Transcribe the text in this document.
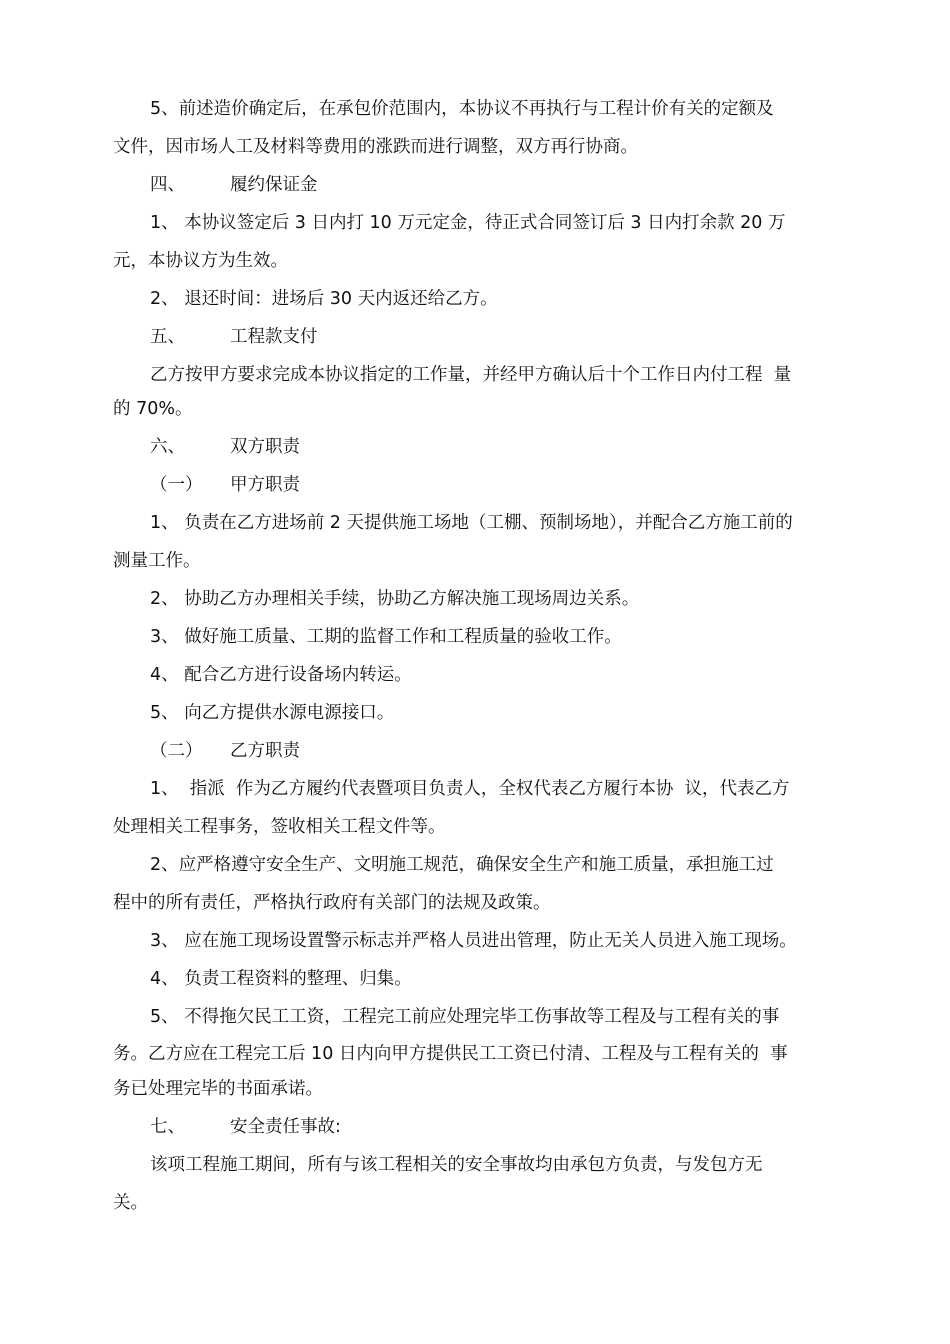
5、前述造价确定后，在承包价范围内，本协议不再执行与工程计价有关的定额及
文件，因市场人工及材料等费用的涨跌而进行调整，双方再行协商。
四、	履约保证金
1、 本协议签定后 3 日内打 10 万元定金，待正式合同签订后 3 日内打余款 20 万
元，本协议方为生效。
2、 退还时间：进场后 30 天内返还给乙方。
五、	工程款支付
乙方按甲方要求完成本协议指定的工作量，并经甲方确认后十个工作日内付工程  量
的 70%。
六、	双方职责
（一） 甲方职责
1、 负责在乙方进场前 2 天提供施工场地（工棚、预制场地），并配合乙方施工前的
测量工作。
2、 协助乙方办理相关手续，协助乙方解决施工现场周边关系。
3、 做好施工质量、工期的监督工作和工程质量的验收工作。
4、 配合乙方进行设备场内转运。
5、 向乙方提供水源电源接口。
（二） 乙方职责
1、  指派  作为乙方履约代表暨项目负责人，全权代表乙方履行本协  议，代表乙方
处理相关工程事务，签收相关工程文件等。
2、应严格遵守安全生产、文明施工规范，确保安全生产和施工质量，承担施工过
程中的所有责任，严格执行政府有关部门的法规及政策。
3、 应在施工现场设置警示标志并严格人员进出管理，防止无关人员进入施工现场。
4、 负责工程资料的整理、归集。
5、 不得拖欠民工工资，工程完工前应处理完毕工伤事故等工程及与工程有关的事
务。乙方应在工程完工后 10 日内向甲方提供民工工资已付清、工程及与工程有关的  事
务已处理完毕的书面承诺。
七、	安全责任事故:
该项工程施工期间，所有与该工程相关的安全事故均由承包方负责，与发包方无
关。
